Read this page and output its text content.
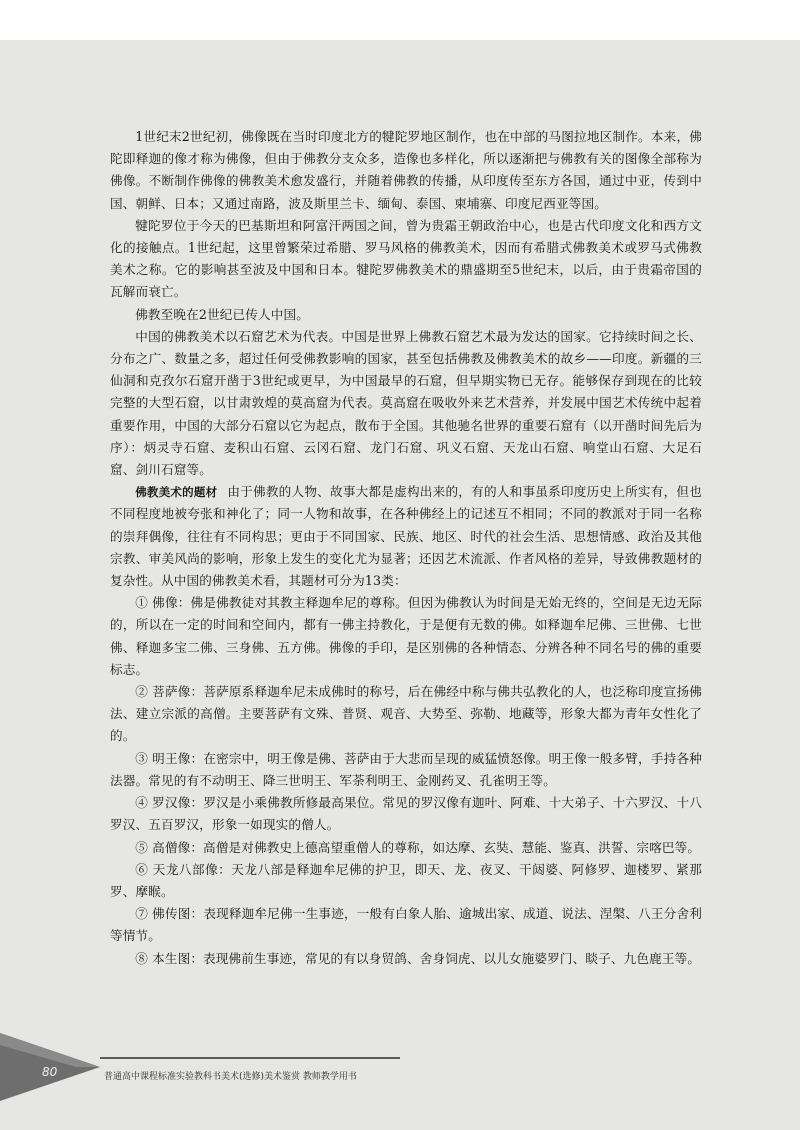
1世纪末2世纪初，佛像既在当时印度北方的犍陀罗地区制作，也在中部的马图拉地区制作。本来，佛陀即释迦的像才称为佛像，但由于佛教分支众多，造像也多样化，所以逐渐把与佛教有关的图像全部称为佛像。不断制作佛像的佛教美术愈发盛行，并随着佛教的传播，从印度传至东方各国，通过中亚，传到中国、朝鲜、日本；又通过南路，波及斯里兰卡、缅甸、泰国、柬埔寨、印度尼西亚等国。

犍陀罗位于今天的巴基斯坦和阿富汗两国之间，曾为贵霜王朝政治中心，也是古代印度文化和西方文化的接触点。1世纪起，这里曾繁荣过希腊、罗马风格的佛教美术，因而有希腊式佛教美术或罗马式佛教美术之称。它的影响甚至波及中国和日本。犍陀罗佛教美术的鼎盛期至5世纪末，以后，由于贵霜帝国的瓦解而衰亡。

佛教至晚在2世纪已传人中国。

中国的佛教美术以石窟艺术为代表。中国是世界上佛教石窟艺术最为发达的国家。它持续时间之长、分布之广、数量之多，超过任何受佛教影响的国家，甚至包括佛教及佛教美术的故乡——印度。新疆的三仙洞和克孜尔石窟开凿于3世纪或更早，为中国最早的石窟，但早期实物已无存。能够保存到现在的比较完整的大型石窟，以甘肃敦煌的莫高窟为代表。莫高窟在吸收外来艺术营养，并发展中国艺术传统中起着重要作用，中国的大部分石窟以它为起点，散布于全国。其他驰名世界的重要石窟有（以开凿时间先后为序）：炳灵寺石窟、麦积山石窟、云冈石窟、龙门石窟、巩义石窟、天龙山石窟、响堂山石窟、大足石窟、剑川石窟等。

佛教美术的题材 由于佛教的人物、故事大都是虚构出来的，有的人和事虽系印度历史上所实有，但也不同程度地被夸张和神化了；同一人物和故事，在各种佛经上的记述互不相同；不同的教派对于同一名称的崇拜偶像，往往有不同构思；更由于不同国家、民族、地区、时代的社会生活、思想情感、政治及其他宗教、审美风尚的影响，形象上发生的变化尤为显著；还因艺术流派、作者风格的差异，导致佛教题材的复杂性。从中国的佛教美术看，其题材可分为13类：

① 佛像：佛是佛教徒对其教主释迦牟尼的尊称。但因为佛教认为时间是无始无终的，空间是无边无际的，所以在一定的时间和空间内，都有一佛主持教化，于是便有无数的佛。如释迦牟尼佛、三世佛、七世佛、释迦多宝二佛、三身佛、五方佛。佛像的手印，是区别佛的各种情态、分辨各种不同名号的佛的重要标志。

② 菩萨像：菩萨原系释迦牟尼未成佛时的称号，后在佛经中称与佛共弘教化的人，也泛称印度宣扬佛法、建立宗派的高僧。主要菩萨有文殊、普贤、观音、大势至、弥勒、地藏等，形象大都为青年女性化了的。

③ 明王像：在密宗中，明王像是佛、菩萨由于大悲而呈现的威猛愤怒像。明王像一般多臂，手持各种法器。常见的有不动明王、降三世明王、军荼利明王、金刚药叉、孔雀明王等。

④ 罗汉像：罗汉是小乘佛教所修最高果位。常见的罗汉像有迦叶、阿难、十大弟子、十六罗汉、十八罗汉、五百罗汉，形象一如现实的僧人。

⑤ 高僧像：高僧是对佛教史上德高望重僧人的尊称，如达摩、玄奘、慧能、鉴真、洪誓、宗喀巴等。

⑥ 天龙八部像：天龙八部是释迦牟尼佛的护卫，即天、龙、夜叉、干闼婆、阿修罗、迦楼罗、紧那罗、摩睺。

⑦ 佛传图：表现释迦牟尼佛一生事迹，一般有白象人胎、逾城出家、成道、说法、涅槃、八王分舍利等情节。

⑧ 本生图：表现佛前生事迹，常见的有以身贸鸽、舍身饲虎、以儿女施婆罗门、睒子、九色鹿王等。

80	普通高中课程标准实验教科书美术(选修)美术鉴赏 教师教学用书
